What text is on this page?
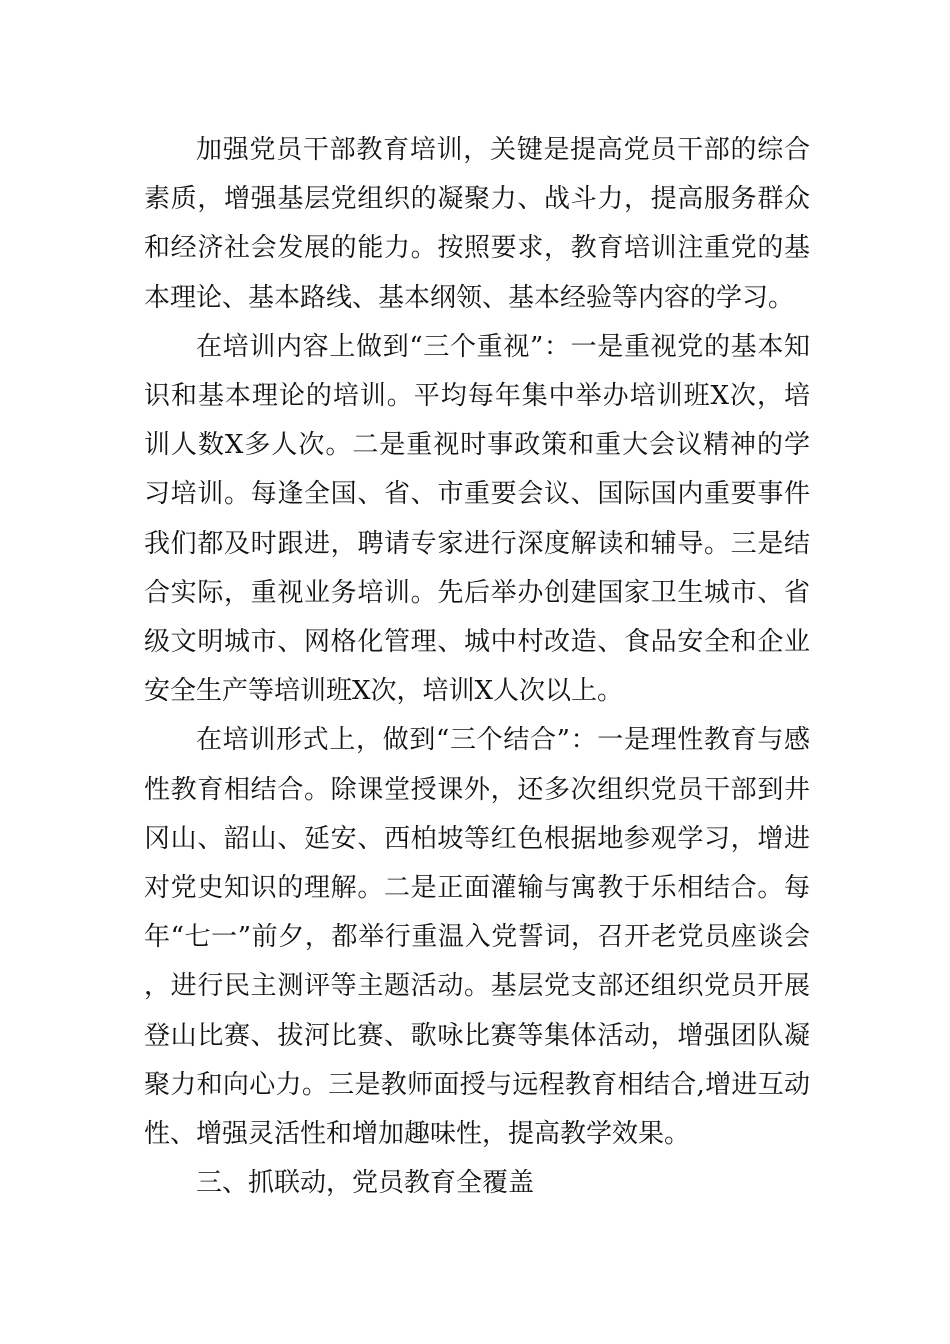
加强党员干部教育培训，关键是提高党员干部的综合素质，增强基层党组织的凝聚力、战斗力，提高服务群众和经济社会发展的能力。按照要求，教育培训注重党的基本理论、基本路线、基本纲领、基本经验等内容的学习。

在培训内容上做到“三个重视”：一是重视党的基本知识和基本理论的培训。平均每年集中举办培训班X次，培训人数X多人次。二是重视时事政策和重大会议精神的学习培训。每逢全国、省、市重要会议、国际国内重要事件我们都及时跟进，聘请专家进行深度解读和辅导。三是结合实际，重视业务培训。先后举办创建国家卫生城市、省级文明城市、网格化管理、城中村改造、食品安全和企业安全生产等培训班X次，培训X人次以上。

在培训形式上，做到“三个结合”：一是理性教育与感性教育相结合。除课堂授课外，还多次组织党员干部到井冈山、韶山、延安、西柏坡等红色根据地参观学习，增进对党史知识的理解。二是正面灌输与寓教于乐相结合。每年“七一”前夕，都举行重温入党誓词，召开老党员座谈会，进行民主测评等主题活动。基层党支部还组织党员开展登山比赛、拔河比赛、歌咏比赛等集体活动，增强团队凝聚力和向心力。三是教师面授与远程教育相结合,增进互动性、增强灵活性和增加趣味性，提高教学效果。

三、抓联动，党员教育全覆盖
